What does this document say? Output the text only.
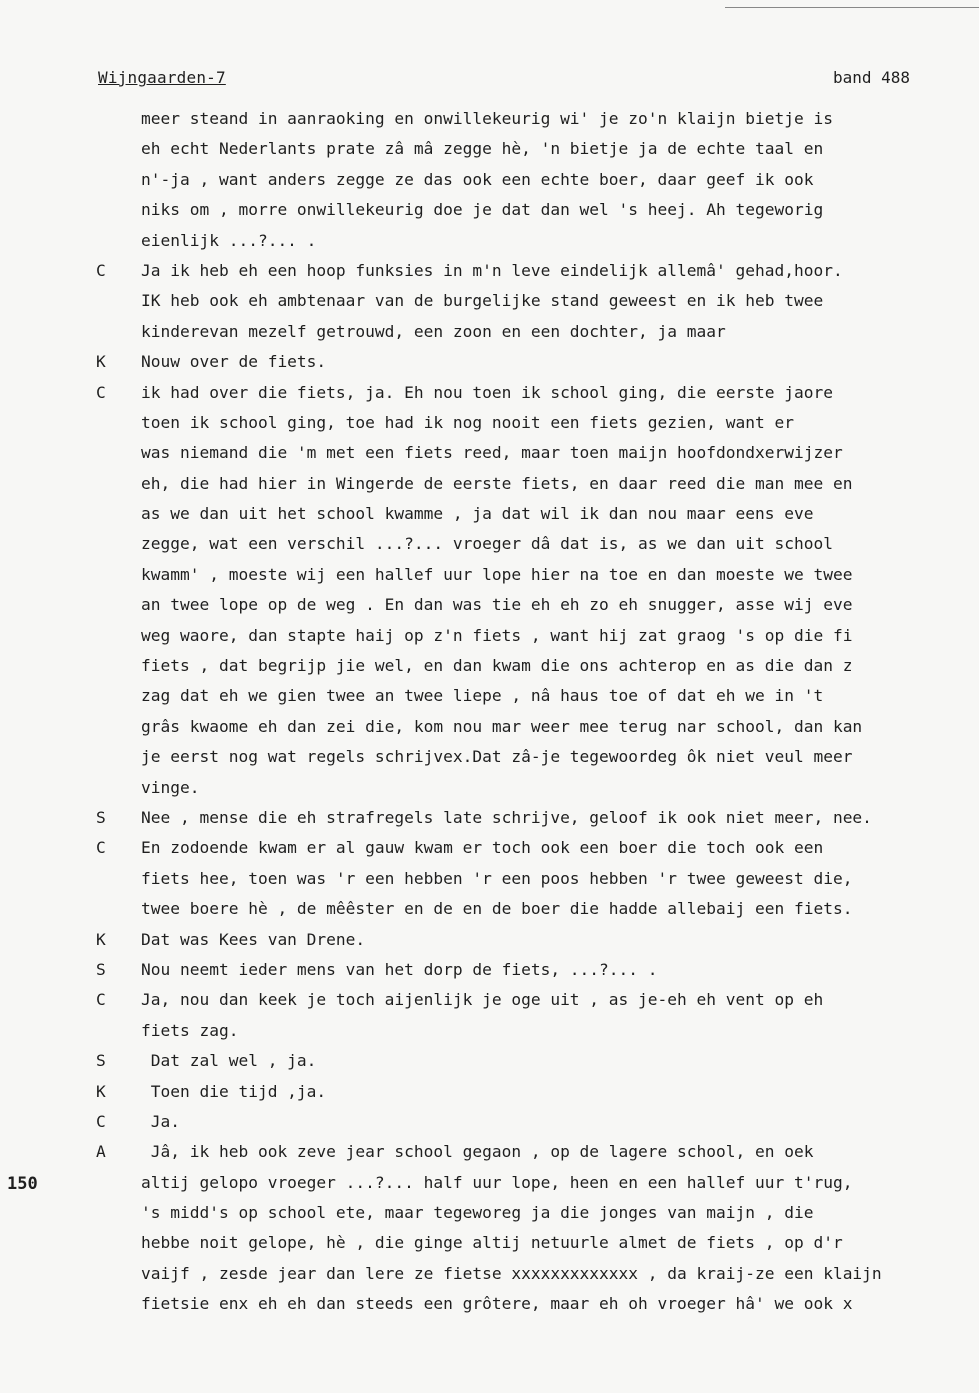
Wijngaarden-7	band 488
150
meer steand in aanraoking en onwillekeurig wi' je zo'n klaijn bietje is
eh echt Nederlants prate zâ mâ zegge hè, 'n bietje ja de echte taal en
n'-ja , want anders zegge ze das ook een echte boer, daar geef ik ook
niks om , morre onwillekeurig doe je dat dan wel 's heej. Ah tegeworig
eienlijk ...?... .
C	Ja ik heb eh een hoop funksies in m'n leve eindelijk allemâ' gehad,hoor.
IK heb ook eh ambtenaar van de burgelijke stand geweest en ik heb twee
kinderevan mezelf getrouwd, een zoon en een dochter, ja maar
K	Nouw over de fiets.
C	ik had over die fiets, ja. Eh nou toen ik school ging, die eerste jaore
toen ik school ging, toe had ik nog nooit een fiets gezien, want er
was niemand die 'm met een fiets reed, maar toen maijn hoofdondxerwijzer
eh, die had hier in Wingerde de eerste fiets, en daar reed die man mee en
as we dan uit het school kwamme , ja dat wil ik dan nou maar eens eve
zegge, wat een verschil ...?... vroeger dâ dat is, as we dan uit school
kwamm' , moeste wij een hallef uur lope hier na toe en dan moeste we twee
an twee lope op de weg . En dan was tie eh eh zo eh snugger, asse wij eve
weg waore, dan stapte haij op z'n fiets , want hij zat graog 's op die fi
fiets , dat begrijp jie wel, en dan kwam die ons achterop en as die dan z
zag dat eh we gien twee an twee liepe , nâ haus toe of dat eh we in 't
grâs kwaome eh dan zei die, kom nou mar weer mee terug nar school, dan kan
je eerst nog wat regels schrijvex.Dat zâ-je tegewoordeg ôk niet veul meer
vinge.
S	Nee , mense die eh strafregels late schrijve, geloof ik ook niet meer, nee.
C	En zodoende kwam er al gauw kwam er toch ook een boer die toch ook een
fiets hee, toen was 'r een hebben 'r een poos hebben 'r twee geweest die,
twee boere hè , de mêêster en de en de boer die hadde allebaij een fiets.
K	Dat was Kees van Drene.
S	Nou neemt ieder mens van het dorp de fiets, ...?... .
C	Ja, nou dan keek je toch aijenlijk je oge uit , as je-eh eh vent op eh
fiets zag.
S	Dat zal wel , ja.
K	Toen die tijd ,ja.
C	Ja.
A	Jâ, ik heb ook zeve jear school gegaon , op de lagere school, en oek
altij gelopo vroeger ...?... half uur lope, heen en een hallef uur t'rug,
's midd's op school ete, maar tegeworeg ja die jonges van maijn , die
hebbe noit gelope, hè , die ginge altij netuurle almet de fiets , op d'r
vaijf , zesde jear dan lere ze fietse xxxxxxxxxxxxx , da kraij-ze een klaijn
fietsie enx eh eh dan steeds een grôtere, maar eh oh vroeger hâ' we ook x
